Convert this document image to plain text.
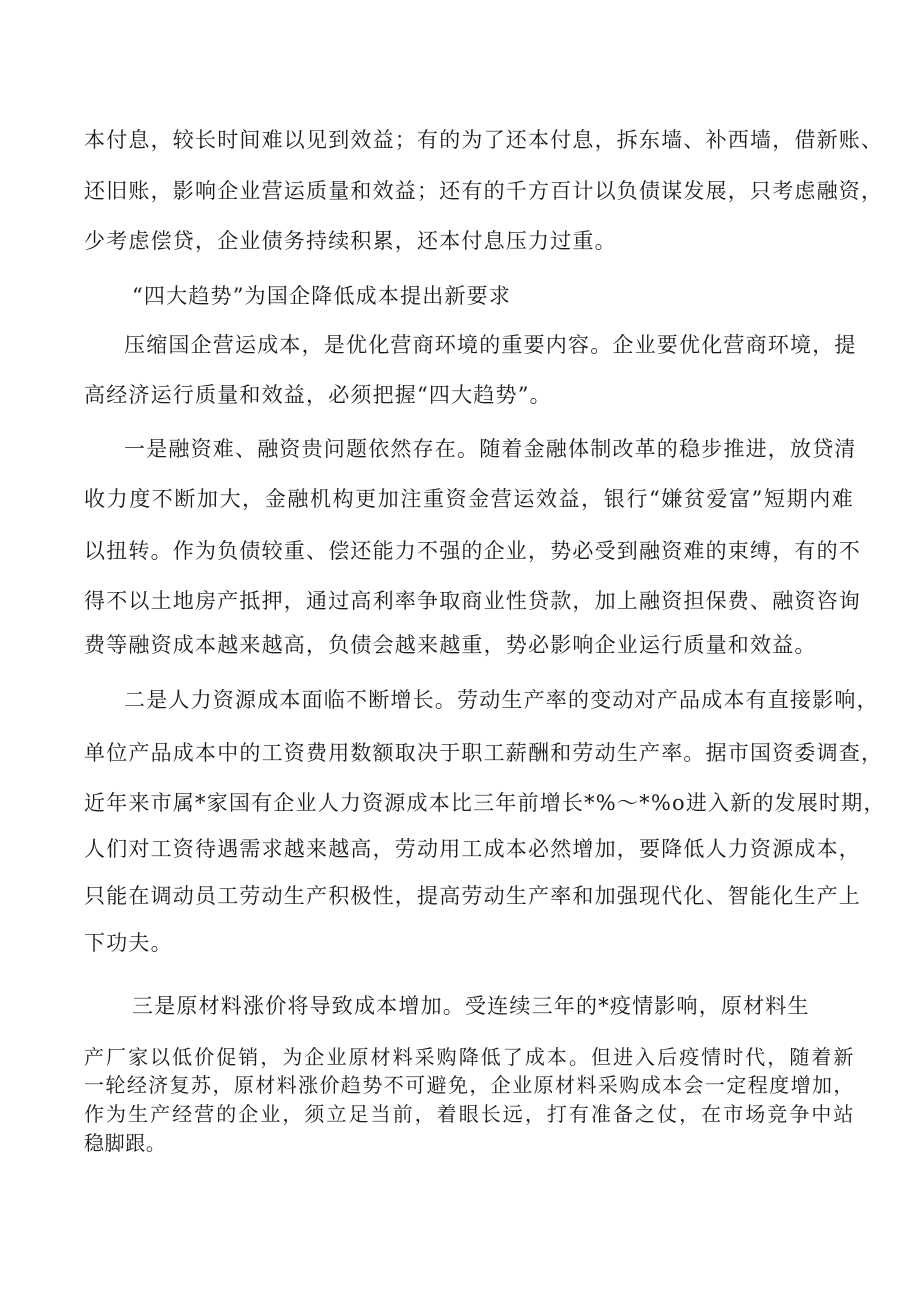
本付息，较长时间难以见到效益；有的为了还本付息，拆东墙、补西墙，借新账、
还旧账，影响企业营运质量和效益；还有的千方百计以负债谋发展，只考虑融资，
少考虑偿贷，企业债务持续积累，还本付息压力过重。
“四大趋势”为国企降低成本提出新要求
压缩国企营运成本，是优化营商环境的重要内容。企业要优化营商环境，提
高经济运行质量和效益，必须把握“四大趋势”。
一是融资难、融资贵问题依然存在。随着金融体制改革的稳步推进，放贷清
收力度不断加大，金融机构更加注重资金营运效益，银行“嫌贫爱富”短期内难
以扭转。作为负债较重、偿还能力不强的企业，势必受到融资难的束缚，有的不
得不以土地房产抵押，通过高利率争取商业性贷款，加上融资担保费、融资咨询
费等融资成本越来越高，负债会越来越重，势必影响企业运行质量和效益。
二是人力资源成本面临不断增长。劳动生产率的变动对产品成本有直接影响，
单位产品成本中的工资费用数额取决于职工薪酬和劳动生产率。据市国资委调查，
近年来市属*家国有企业人力资源成本比三年前增长*%～*%o进入新的发展时期，
人们对工资待遇需求越来越高，劳动用工成本必然增加，要降低人力资源成本，
只能在调动员工劳动生产积极性，提高劳动生产率和加强现代化、智能化生产上
下功夫。
三是原材料涨价将导致成本增加。受连续三年的*疫情影响，原材料生
产厂家以低价促销，为企业原材料采购降低了成本。但进入后疫情时代，随着新
一轮经济复苏，原材料涨价趋势不可避免，企业原材料采购成本会一定程度增加，
作为生产经营的企业，须立足当前，着眼长远，打有准备之仗，在市场竞争中站
稳脚跟。
